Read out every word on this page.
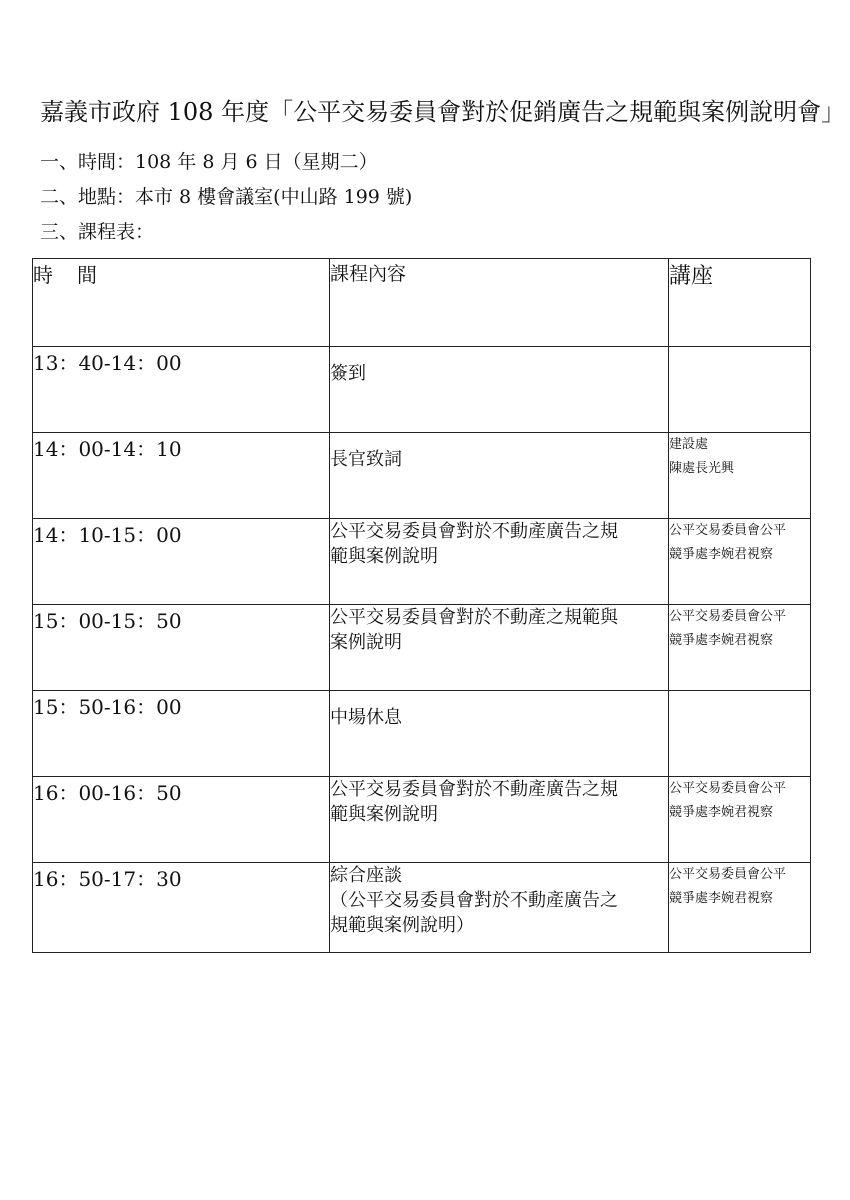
嘉義市政府 108 年度「公平交易委員會對於促銷廣告之規範與案例說明會」
一、時間：108 年 8 月 6 日（星期二）
二、地點：本市 8 樓會議室(中山路 199 號)
三、課程表：
時 間	課程內容	講座
13：40-14：00	簽到	

14：00-14：10	長官致詞	建設處
陳處長光興

14：10-15：00	公平交易委員會對於不動產廣告之規
範與案例說明	公平交易委員會公平
競爭處李婉君視察

15：00-15：50	公平交易委員會對於不動產之規範與
案例說明	公平交易委員會公平
競爭處李婉君視察

15：50-16：00	中場休息	

16：00-16：50	公平交易委員會對於不動產廣告之規
範與案例說明	公平交易委員會公平
競爭處李婉君視察

16：50-17：30	綜合座談
（公平交易委員會對於不動產廣告之
規範與案例說明）	公平交易委員會公平
競爭處李婉君視察
